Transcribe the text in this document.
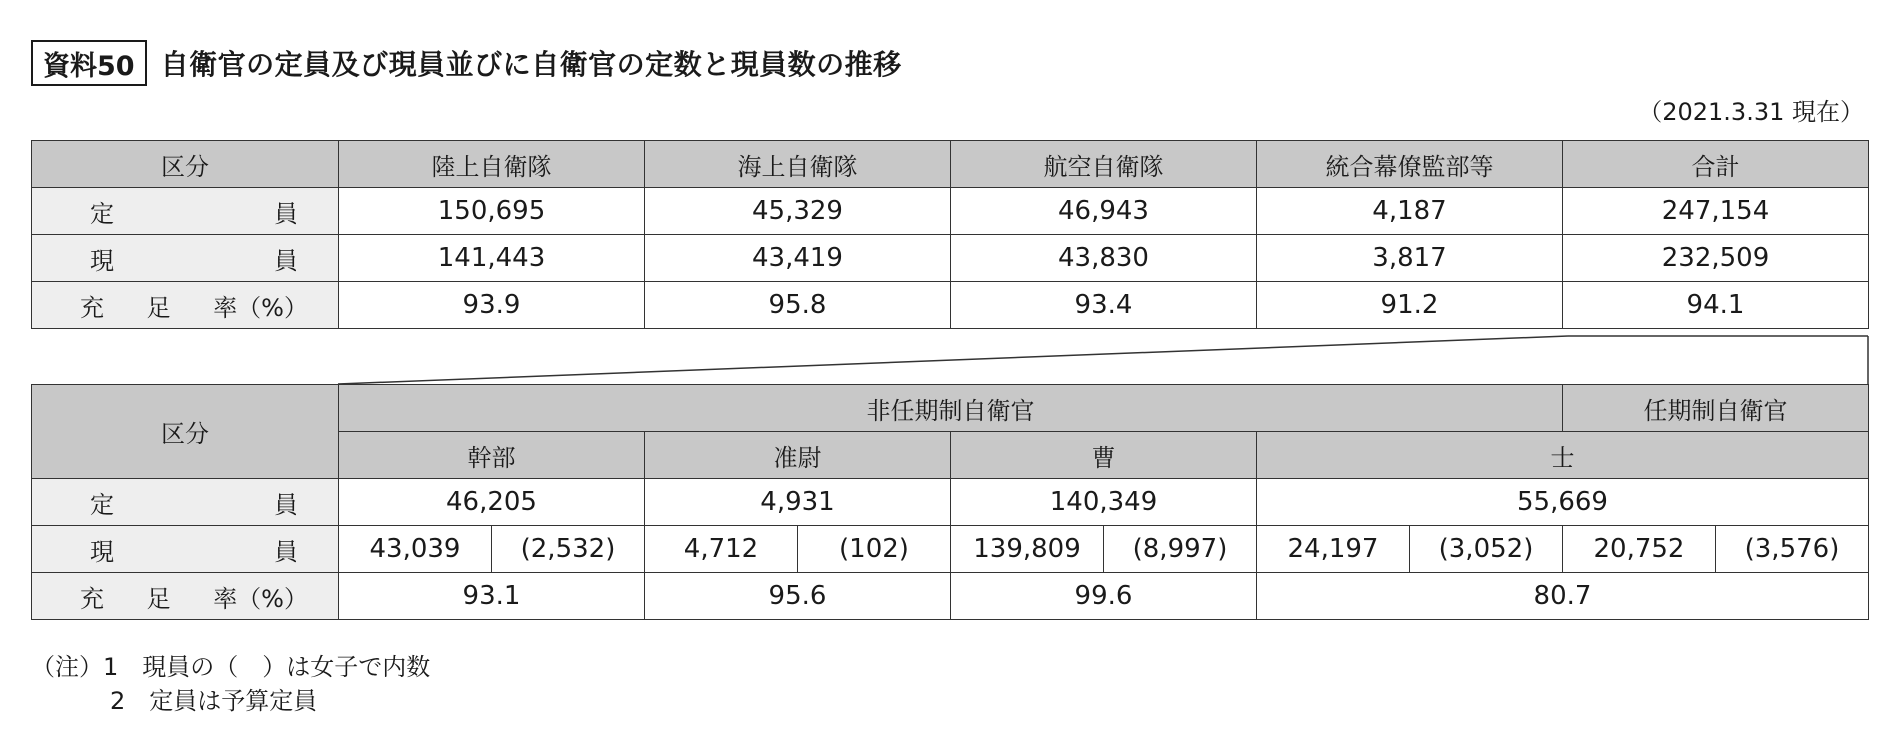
資料50 自衛官の定員及び現員並びに自衛官の定数と現員数の推移
（2021.3.31 現在）
区分	陸上自衛隊	海上自衛隊	航空自衛隊	統合幕僚監部等	合計

定 員	150,695	45,329	46,943	4,187	247,154

現 員	141,443	43,419	43,830	3,817	232,509

充 足 率（%）	93.9	95.8	93.4	91.2	94.1
区分	非任期制自衛官								任期制自衛官	
	幹部		准尉		曹		士			

定 員	46,205		4,931		140,349		55,669			

現 員	43,039	(2,532)	4,712	(102)	139,809	(8,997)	24,197	(3,052)	20,752	(3,576)

充 足 率（%）	93.1		95.6		99.6		80.7			
（注）1　現員の（　）は女子で内数
2　定員は予算定員
